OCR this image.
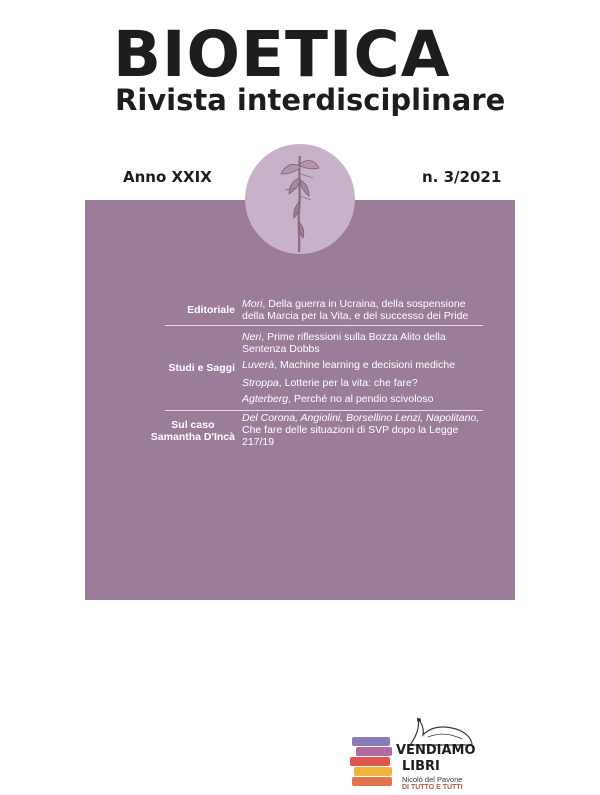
BIOETICA
Rivista interdisciplinare
Editoriale Mori, Della guerra in Ucraina, della sospensione
della Marcia per la Vita, e del successo dei Pride
Neri, Prime riflessioni sulla Bozza Alito della
Sentenza Dobbs
Studi e Saggi Luverà, Machine learning e decisioni mediche
Stroppa, Lotterie per la vita: che fare?
Agterberg, Perché no al pendio scivoloso
Sul caso
Samantha D'Incà
Del Corona, Angiolini, Borsellino Lenzi, Napolitano,
Che fare delle situazioni di SVP dopo la Legge
217/19
ß	VENDIAMO
LIBRI
Nicolò del Pavone
DI TUTTO E TUTTI
Anno XXIX	n. 3/2021
